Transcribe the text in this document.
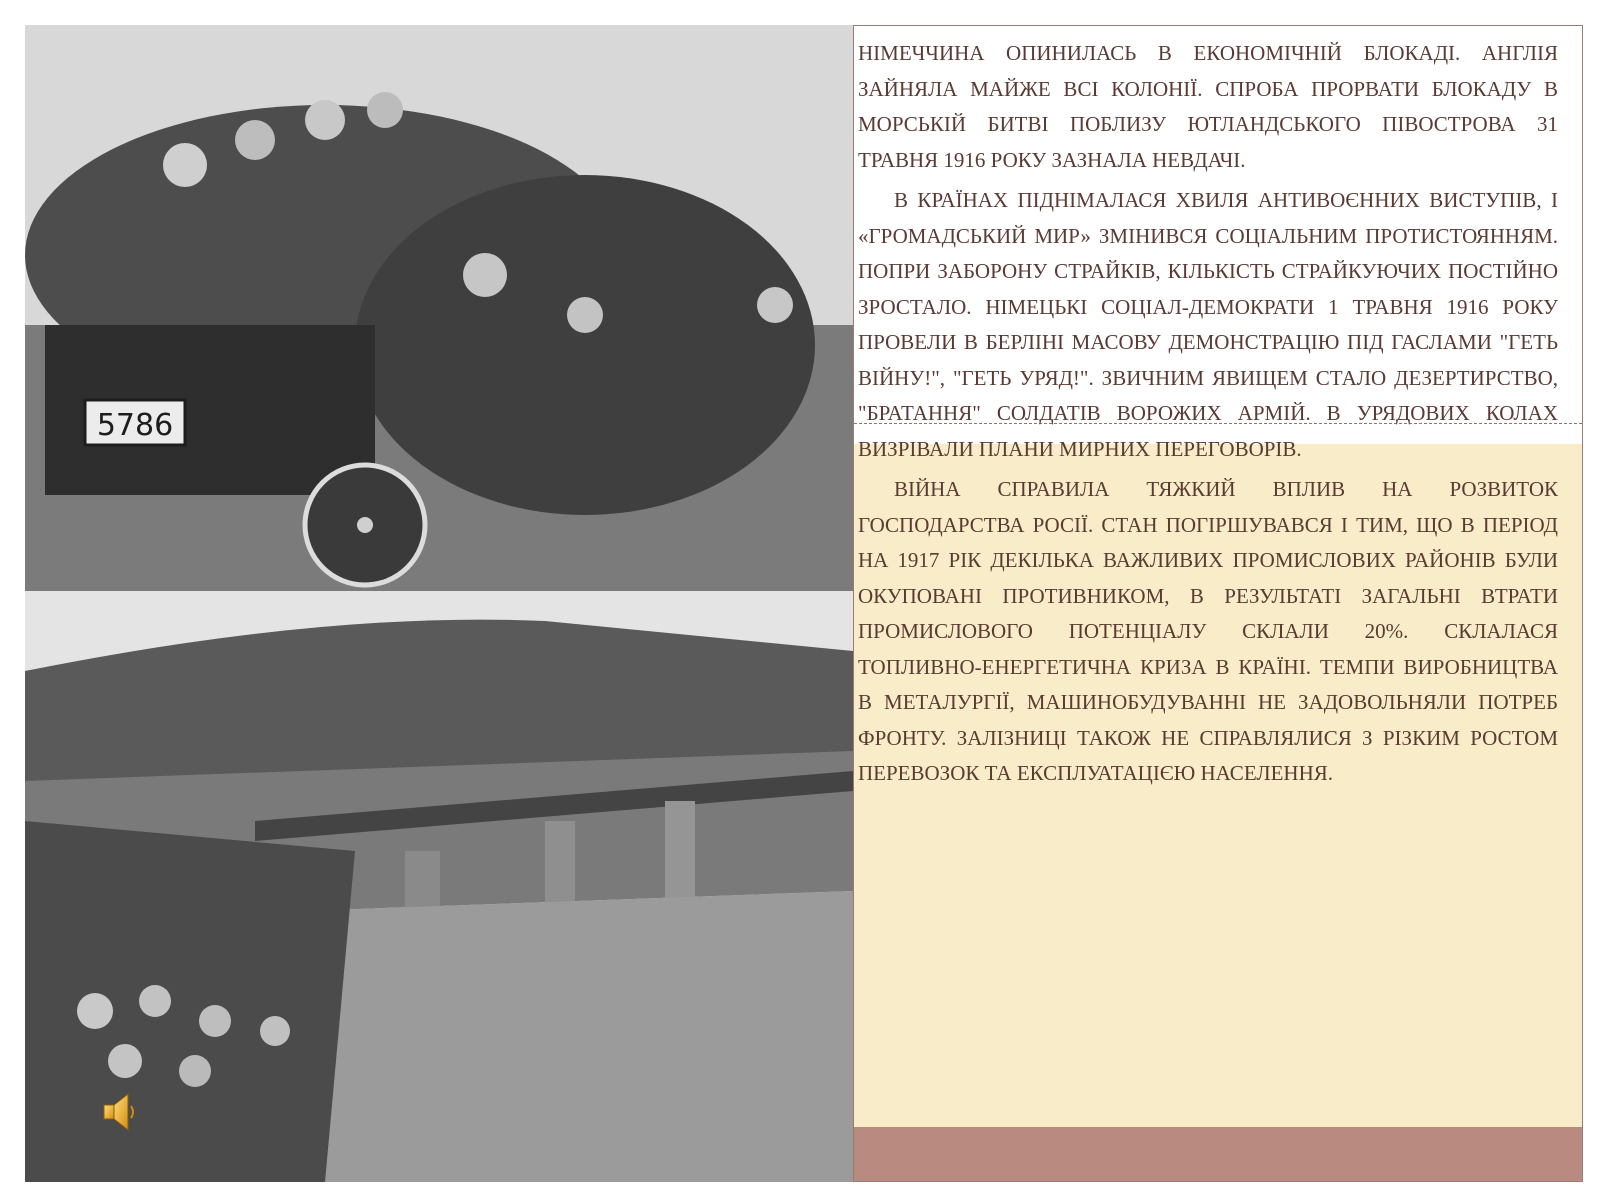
5786

НІМЕЧЧИНА ОПИНИЛАСЬ В ЕКОНОМІЧНІЙ БЛОКАДІ. АНГЛІЯ ЗАЙНЯЛА МАЙЖЕ ВСІ КОЛОНІЇ. СПРОБА ПРОРВАТИ БЛОКАДУ В МОРСЬКІЙ БИТВІ ПОБЛИЗУ ЮТЛАНДСЬКОГО ПІВОСТРОВА 31 ТРАВНЯ 1916 РОКУ ЗАЗНАЛА НЕВДАЧІ.

В КРАЇНАХ ПІДНІМАЛАСЯ ХВИЛЯ АНТИВОЄННИХ ВИСТУПІВ, І «ГРОМАДСЬКИЙ МИР» ЗМІНИВСЯ СОЦІАЛЬНИМ ПРОТИСТОЯННЯМ. ПОПРИ ЗАБОРОНУ СТРАЙКІВ, КІЛЬКІСТЬ СТРАЙКУЮЧИХ ПОСТІЙНО ЗРОСТАЛО. НІМЕЦЬКІ СОЦІАЛ-ДЕМОКРАТИ 1 ТРАВНЯ 1916 РОКУ ПРОВЕЛИ В БЕРЛІНІ МАСОВУ ДЕМОНСТРАЦІЮ ПІД ГАСЛАМИ "ГЕТЬ ВІЙНУ!", "ГЕТЬ УРЯД!". ЗВИЧНИМ ЯВИЩЕМ СТАЛО ДЕЗЕРТИРСТВО, "БРАТАННЯ" СОЛДАТІВ ВОРОЖИХ АРМІЙ. В УРЯДОВИХ КОЛАХ ВИЗРІВАЛИ ПЛАНИ МИРНИХ ПЕРЕГОВОРІВ.

ВІЙНА СПРАВИЛА ТЯЖКИЙ ВПЛИВ НА РОЗВИТОК ГОСПОДАРСТВА РОСІЇ. СТАН ПОГІРШУВАВСЯ І ТИМ, ЩО В ПЕРІОД НА 1917 РІК ДЕКІЛЬКА ВАЖЛИВИХ ПРОМИСЛОВИХ РАЙОНІВ БУЛИ ОКУПОВАНІ ПРОТИВНИКОМ, В РЕЗУЛЬТАТІ ЗАГАЛЬНІ ВТРАТИ ПРОМИСЛОВОГО ПОТЕНЦІАЛУ СКЛАЛИ 20%. СКЛАЛАСЯ ТОПЛИВНО-ЕНЕРГЕТИЧНА КРИЗА В КРАЇНІ. ТЕМПИ ВИРОБНИЦТВА В МЕТАЛУРГІЇ, МАШИНОБУДУВАННІ НЕ ЗАДОВОЛЬНЯЛИ ПОТРЕБ ФРОНТУ. ЗАЛІЗНИЦІ ТАКОЖ НЕ СПРАВЛЯЛИСЯ З РІЗКИМ РОСТОМ ПЕРЕВОЗОК ТА ЕКСПЛУАТАЦІЄЮ НАСЕЛЕННЯ.
